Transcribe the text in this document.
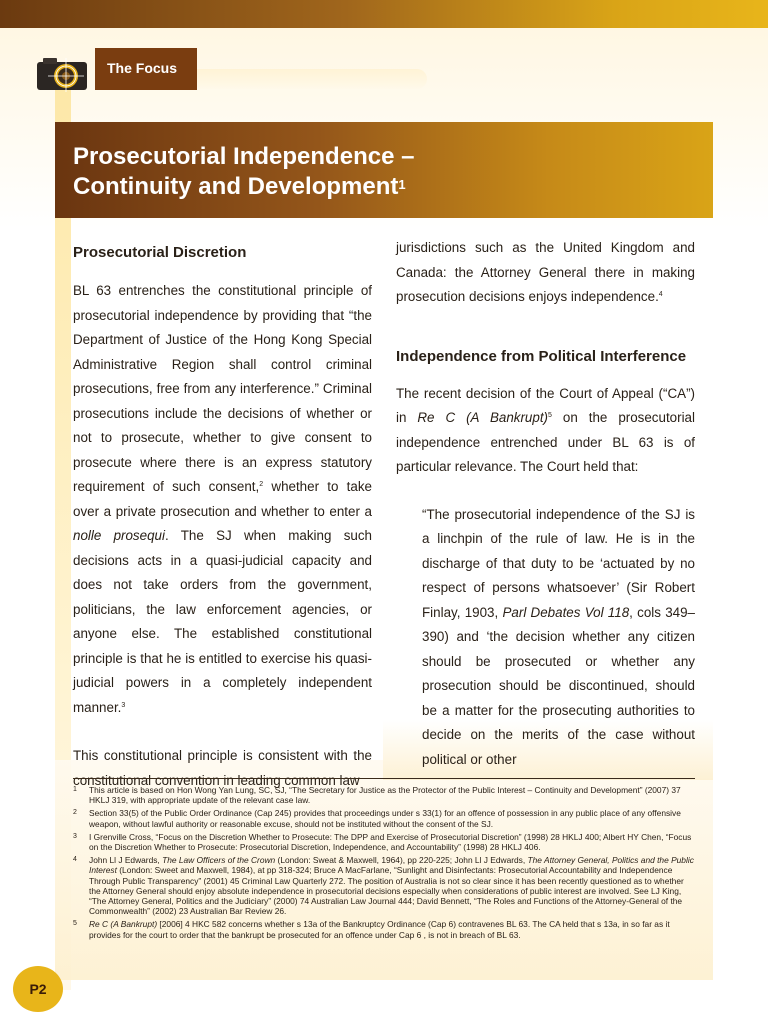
The Focus
Prosecutorial Independence –
Continuity and Development$^1$

Prosecutorial Discretion

BL 63 entrenches the constitutional principle of prosecutorial independence by providing that “the Department of Justice of the Hong Kong Special Administrative Region shall control criminal prosecutions, free from any interference.” Criminal prosecutions include the decisions of whether or not to prosecute, whether to give consent to prosecute where there is an express statutory requirement of such consent,$^2$ whether to take over a private prosecution and whether to enter a nolle prosequi. The SJ when making such decisions acts in a quasi-judicial capacity and does not take orders from the government, politicians, the law enforcement agencies, or anyone else. The established constitutional principle is that he is entitled to exercise his quasi-judicial powers in a completely independent manner.$^3$

This constitutional principle is consistent with the constitutional convention in leading common law

jurisdictions such as the United Kingdom and Canada: the Attorney General there in making prosecution decisions enjoys independence.$^4$

Independence from Political Interference

The recent decision of the Court of Appeal (“CA”) in Re C (A Bankrupt)$^5$ on the prosecutorial independence entrenched under BL 63 is of particular relevance. The Court held that:

“The prosecutorial independence of the SJ is a linchpin of the rule of law. He is in the discharge of that duty to be ‘actuated by no respect of persons whatsoever’ (Sir Robert Finlay, 1903, Parl Debates Vol 118, cols 349–390) and ‘the decision whether any citizen should be prosecuted or whether any prosecution should be discontinued, should be a matter for the prosecuting authorities to decide on the merits of the case without political or other

1	This article is based on Hon Wong Yan Lung, SC, SJ, “The Secretary for Justice as the Protector of the Public Interest – Continuity and Development” (2007) 37 HKLJ 319, with appropriate update of the relevant case law.
2	Section 33(5) of the Public Order Ordinance (Cap 245) provides that proceedings under s 33(1) for an offence of possession in any public place of any offensive weapon, without lawful authority or reasonable excuse, should not be instituted without the consent of the SJ.
3	I Grenville Cross, “Focus on the Discretion Whether to Prosecute: The DPP and Exercise of Prosecutorial Discretion” (1998) 28 HKLJ 400; Albert HY Chen, “Focus on the Discretion Whether to Prosecute: Prosecutorial Discretion, Independence, and Accountability” (1998) 28 HKLJ 406.
4	John Ll J Edwards, The Law Officers of the Crown (London: Sweat & Maxwell, 1964), pp 220-225; John Ll J Edwards, The Attorney General, Politics and the Public Interest (London: Sweet and Maxwell, 1984), at pp 318-324; Bruce A MacFarlane, “Sunlight and Disinfectants: Prosecutorial Accountability and Independence Through Public Transparency” (2001) 45 Criminal Law Quarterly 272. The position of Australia is not so clear since it has been recently questioned as to whether the Attorney General should enjoy absolute independence in prosecutorial decisions especially when considerations of public interest are involved. See LJ King, “The Attorney General, Politics and the Judiciary” (2000) 74 Australian Law Journal 444; David Bennett, “The Roles and Functions of the Attorney-General of the Commonwealth” (2002) 23 Australian Bar Review 26.
5	Re C (A Bankrupt) [2006] 4 HKC 582 concerns whether s 13a of the Bankruptcy Ordinance (Cap 6) contravenes BL 63. The CA held that s 13a, in so far as it provides for the court to order that the bankrupt be prosecuted for an offence under Cap 6 , is not in breach of BL 63.
P2
